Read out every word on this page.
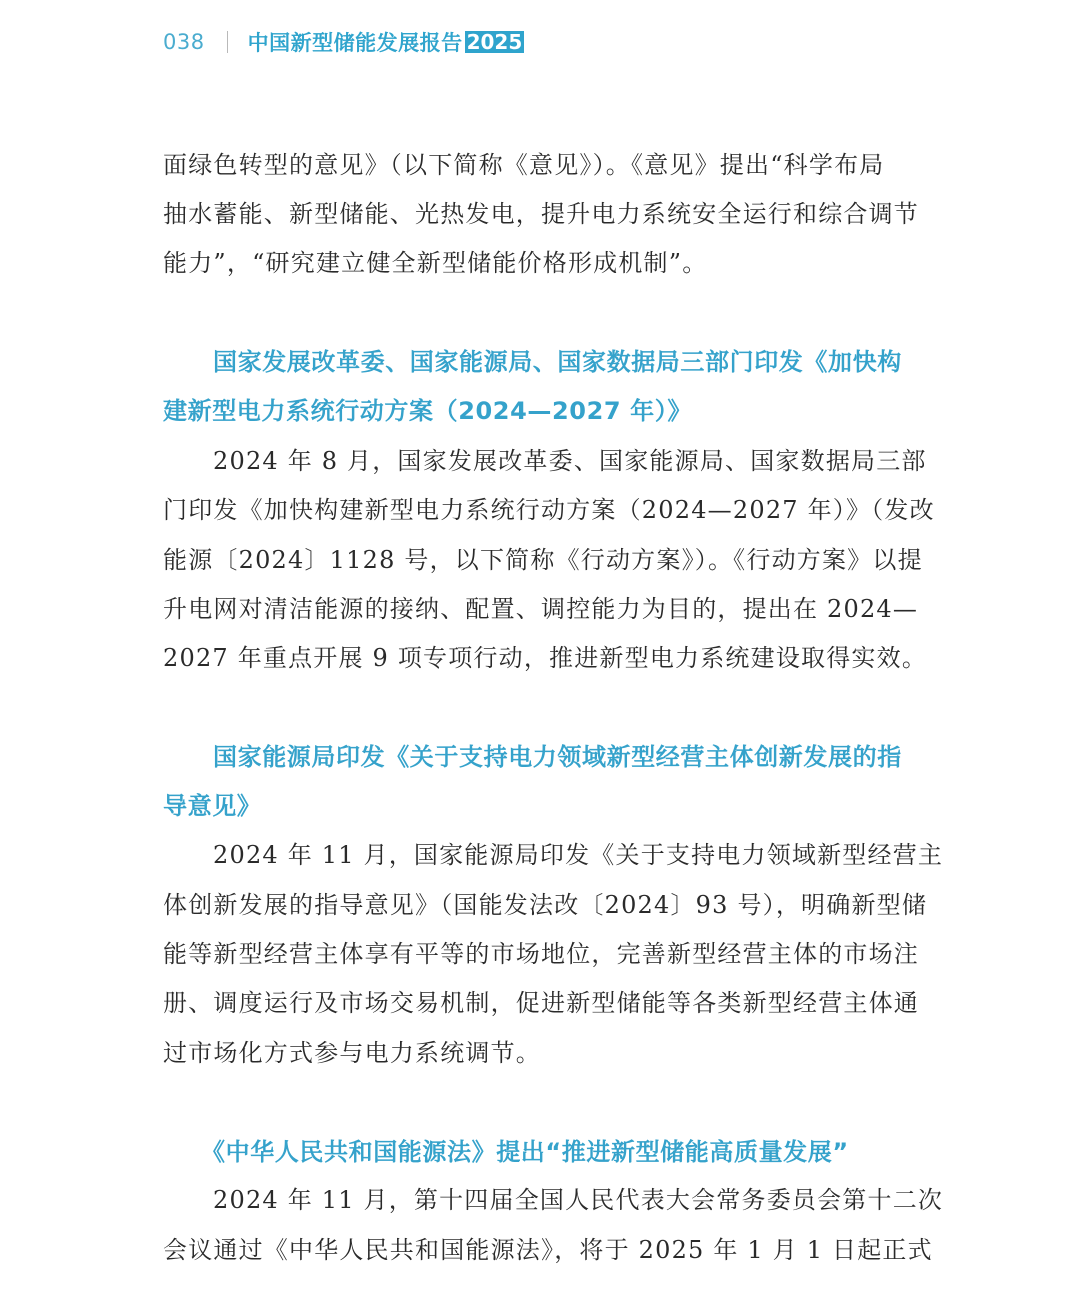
038 中国新型储能发展报告 2025
面绿色转型的意见》（以下简称《意见》）。《意见》提出“科学布局
抽水蓄能、新型储能、光热发电，提升电力系统安全运行和综合调节
能力”，“研究建立健全新型储能价格形成机制”。
国家发展改革委、国家能源局、国家数据局三部门印发《加快构
建新型电力系统行动方案（2024—2027 年）》
2024 年 8 月，国家发展改革委、国家能源局、国家数据局三部
门印发《加快构建新型电力系统行动方案（2024—2027 年）》（发改
能源〔2024〕1128 号，以下简称《行动方案》）。《行动方案》以提
升电网对清洁能源的接纳、配置、调控能力为目的，提出在 2024—
2027 年重点开展 9 项专项行动，推进新型电力系统建设取得实效。
国家能源局印发《关于支持电力领域新型经营主体创新发展的指
导意见》
2024 年 11 月，国家能源局印发《关于支持电力领域新型经营主
体创新发展的指导意见》（国能发法改〔2024〕93 号），明确新型储
能等新型经营主体享有平等的市场地位，完善新型经营主体的市场注
册、调度运行及市场交易机制，促进新型储能等各类新型经营主体通
过市场化方式参与电力系统调节。
《中华人民共和国能源法》提出“推进新型储能高质量发展”
2024 年 11 月，第十四届全国人民代表大会常务委员会第十二次
会议通过《中华人民共和国能源法》，将于 2025 年 1 月 1 日起正式
